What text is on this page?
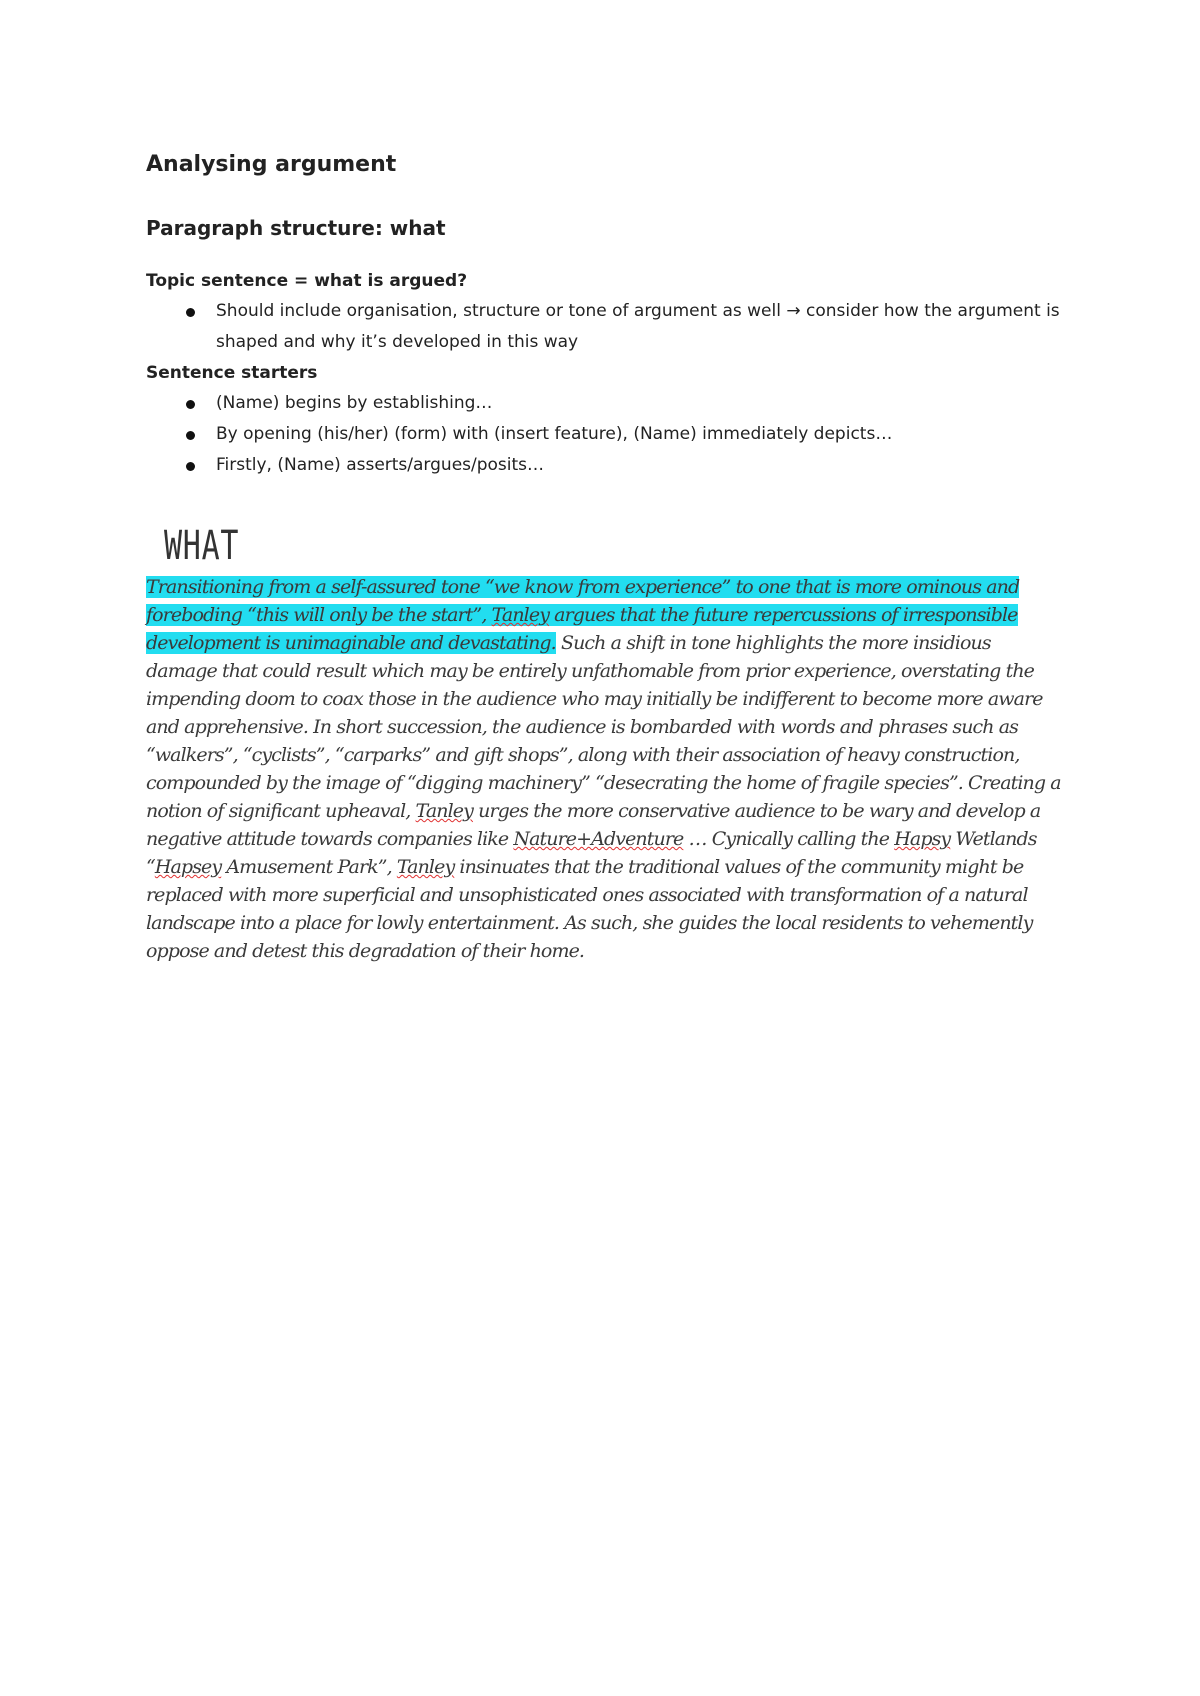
Analysing argument
Paragraph structure: what
Topic sentence = what is argued?
Should include organisation, structure or tone of argument as well → consider how the argument is shaped and why it’s developed in this way
Sentence starters
(Name) begins by establishing…
By opening (his/her) (form) with (insert feature), (Name) immediately depicts…
Firstly, (Name) asserts/argues/posits…
WHAT

Transitioning from a self-assured tone “we know from experience” to one that is more ominous and foreboding “this will only be the start”, Tanley argues that the future repercussions of irresponsible development is unimaginable and devastating. Such a shift in tone highlights the more insidious damage that could result which may be entirely unfathomable from prior experience, overstating the impending doom to coax those in the audience who may initially be indifferent to become more aware and apprehensive. In short succession, the audience is bombarded with words and phrases such as “walkers”, “cyclists”, “carparks” and gift shops”, along with their association of heavy construction, compounded by the image of “digging machinery” “desecrating the home of fragile species”. Creating a notion of significant upheaval, Tanley urges the more conservative audience to be wary and develop a negative attitude towards companies like Nature+Adventure … Cynically calling the Hapsy Wetlands “Hapsey Amusement Park”, Tanley insinuates that the traditional values of the community might be replaced with more superficial and unsophisticated ones associated with transformation of a natural landscape into a place for lowly entertainment. As such, she guides the local residents to vehemently oppose and detest this degradation of their home.
